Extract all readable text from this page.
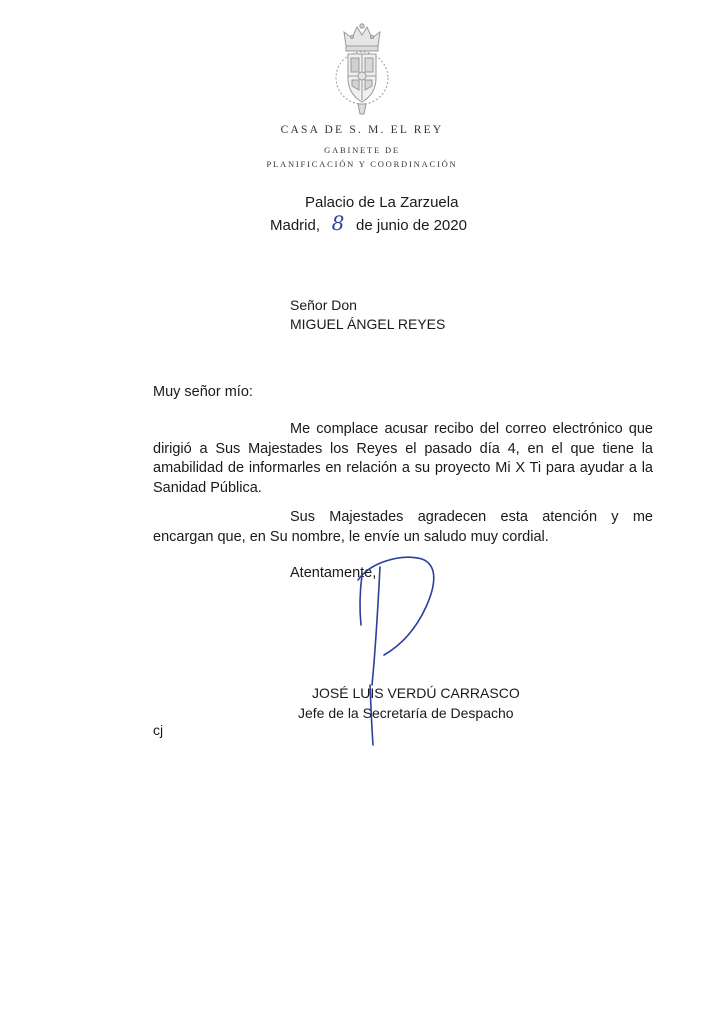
CASA DE S. M. EL REY
GABINETE DE
PLANIFICACIÓN Y COORDINACIÓN
Palacio de La Zarzuela
Madrid, 8 de junio de 2020
Señor Don
MIGUEL ÁNGEL REYES
Muy señor mío:

Me complace acusar recibo del correo electrónico que dirigió a Sus Majestades los Reyes el pasado día 4, en el que tiene la amabilidad de informarles en relación a su proyecto Mi X Ti para ayudar a la Sanidad Pública.

Sus Majestades agradecen esta atención y me encargan que, en Su nombre, le envíe un saludo muy cordial.

Atentamente,
JOSÉ LUIS VERDÚ CARRASCO
Jefe de la Secretaría de Despacho
cj
